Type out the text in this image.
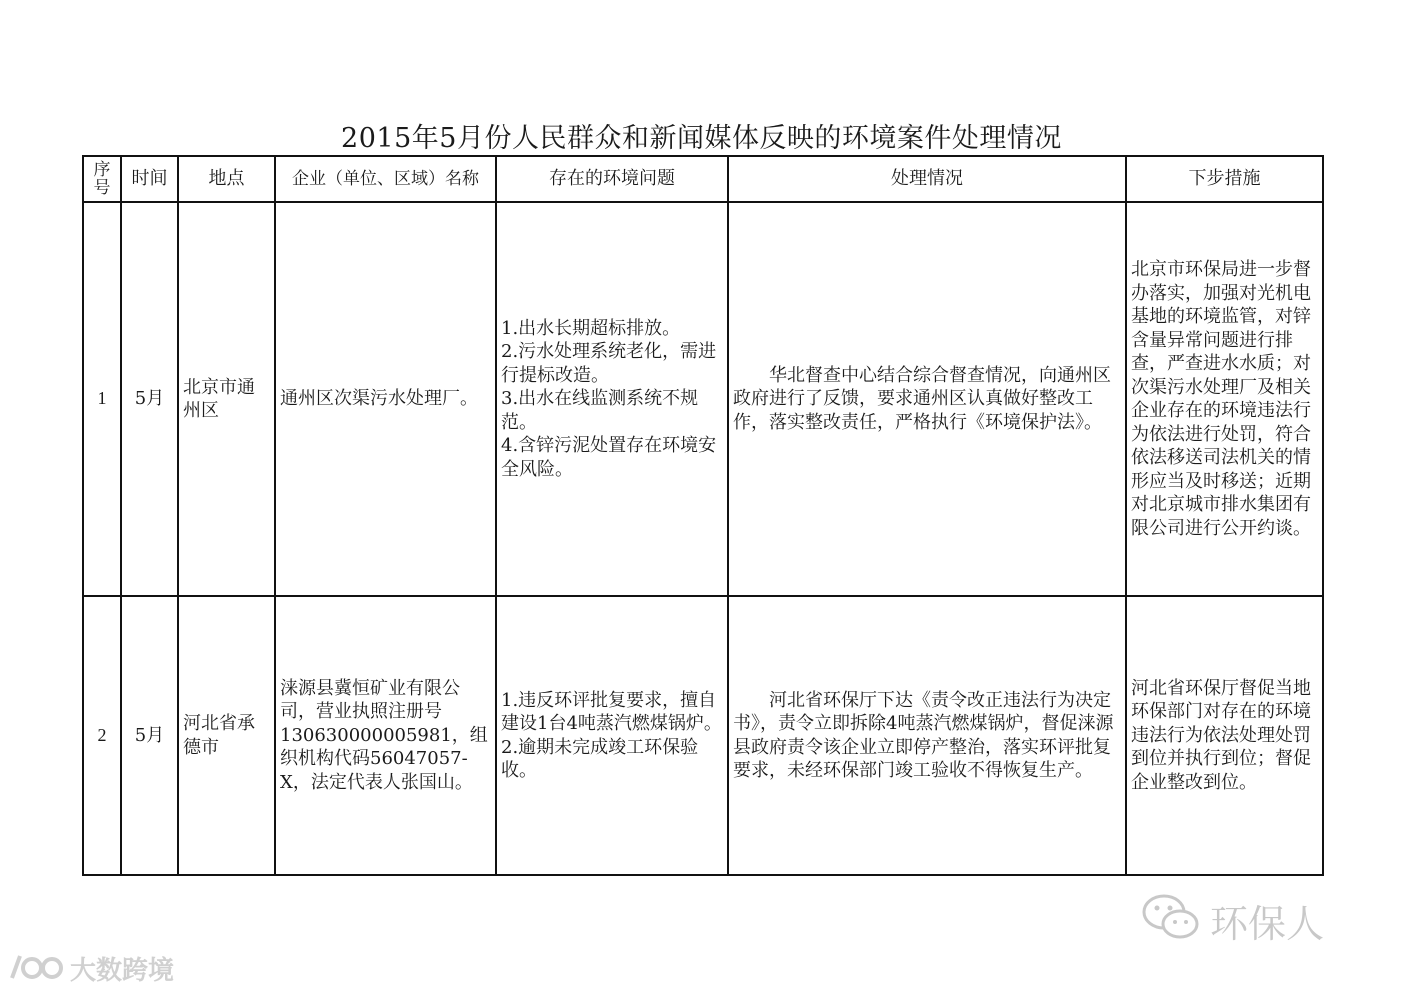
2015年5月份人民群众和新闻媒体反映的环境案件处理情况
序号	时间	地点	企业（单位、区域）名称	存在的环境问题	处理情况	下步措施
1	5月	北京市通州区	通州区次渠污水处理厂。	1.出水长期超标排放。
2.污水处理系统老化，需进行提标改造。
3.出水在线监测系统不规范。
4.含锌污泥处置存在环境安全风险。	华北督查中心结合综合督查情况，向通州区政府进行了反馈，要求通州区认真做好整改工作，落实整改责任，严格执行《环境保护法》。	北京市环保局进一步督办落实，加强对光机电基地的环境监管，对锌含量异常问题进行排查，严查进水水质；对次渠污水处理厂及相关企业存在的环境违法行为依法进行处罚，符合依法移送司法机关的情形应当及时移送；近期对北京城市排水集团有限公司进行公开约谈。
2	5月	河北省承德市	涞源县冀恒矿业有限公司，营业执照注册号130630000005981，组织机构代码56047057-X，法定代表人张国山。	1.违反环评批复要求，擅自建设1台4吨蒸汽燃煤锅炉。
2.逾期未完成竣工环保验收。	河北省环保厅下达《责令改正违法行为决定书》，责令立即拆除4吨蒸汽燃煤锅炉，督促涞源县政府责令该企业立即停产整治，落实环评批复要求，未经环保部门竣工验收不得恢复生产。	河北省环保厅督促当地环保部门对存在的环境违法行为依法处理处罚到位并执行到位；督促企业整改到位。
环保人
大数跨境
